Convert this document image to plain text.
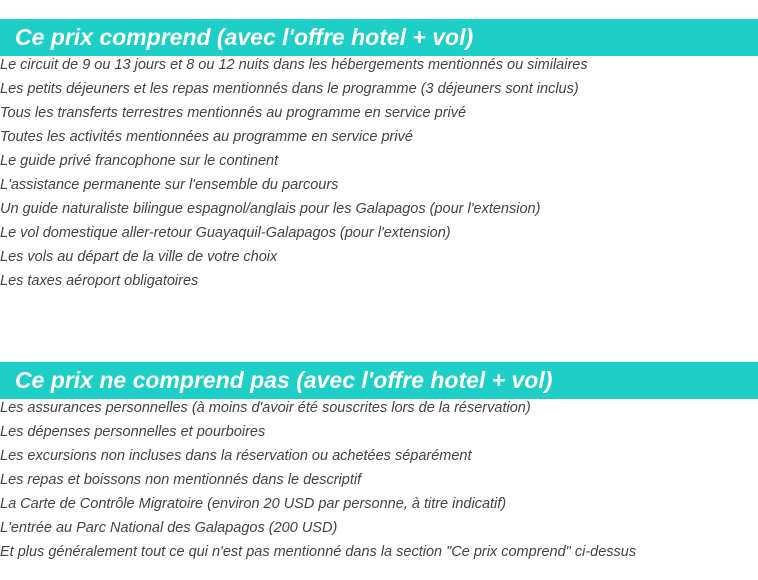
Ce prix comprend (avec l'offre hotel + vol)
Le circuit de 9 ou 13 jours et 8 ou 12 nuits dans les hébergements mentionnés ou similaires
Les petits déjeuners et les repas mentionnés dans le programme (3 déjeuners sont inclus)
Tous les transferts terrestres mentionnés au programme en service privé
Toutes les activités mentionnées au programme en service privé
Le guide privé francophone sur le continent
L'assistance permanente sur l'ensemble du parcours
Un guide naturaliste bilingue espagnol/anglais pour les Galapagos (pour l'extension)
Le vol domestique aller-retour Guayaquil-Galapagos (pour l'extension)
Les vols au départ de la ville de votre choix
Les taxes aéroport obligatoires
Ce prix ne comprend pas (avec l'offre hotel + vol)
Les assurances personnelles (à moins d'avoir été souscrites lors de la réservation)
Les dépenses personnelles et pourboires
Les excursions non incluses dans la réservation ou achetées séparément
Les repas et boissons non mentionnés dans le descriptif
La Carte de Contrôle Migratoire (environ 20 USD par personne, à titre indicatif)
L'entrée au Parc National des Galapagos (200 USD)
Et plus généralement tout ce qui n'est pas mentionné dans la section "Ce prix comprend" ci-dessus
